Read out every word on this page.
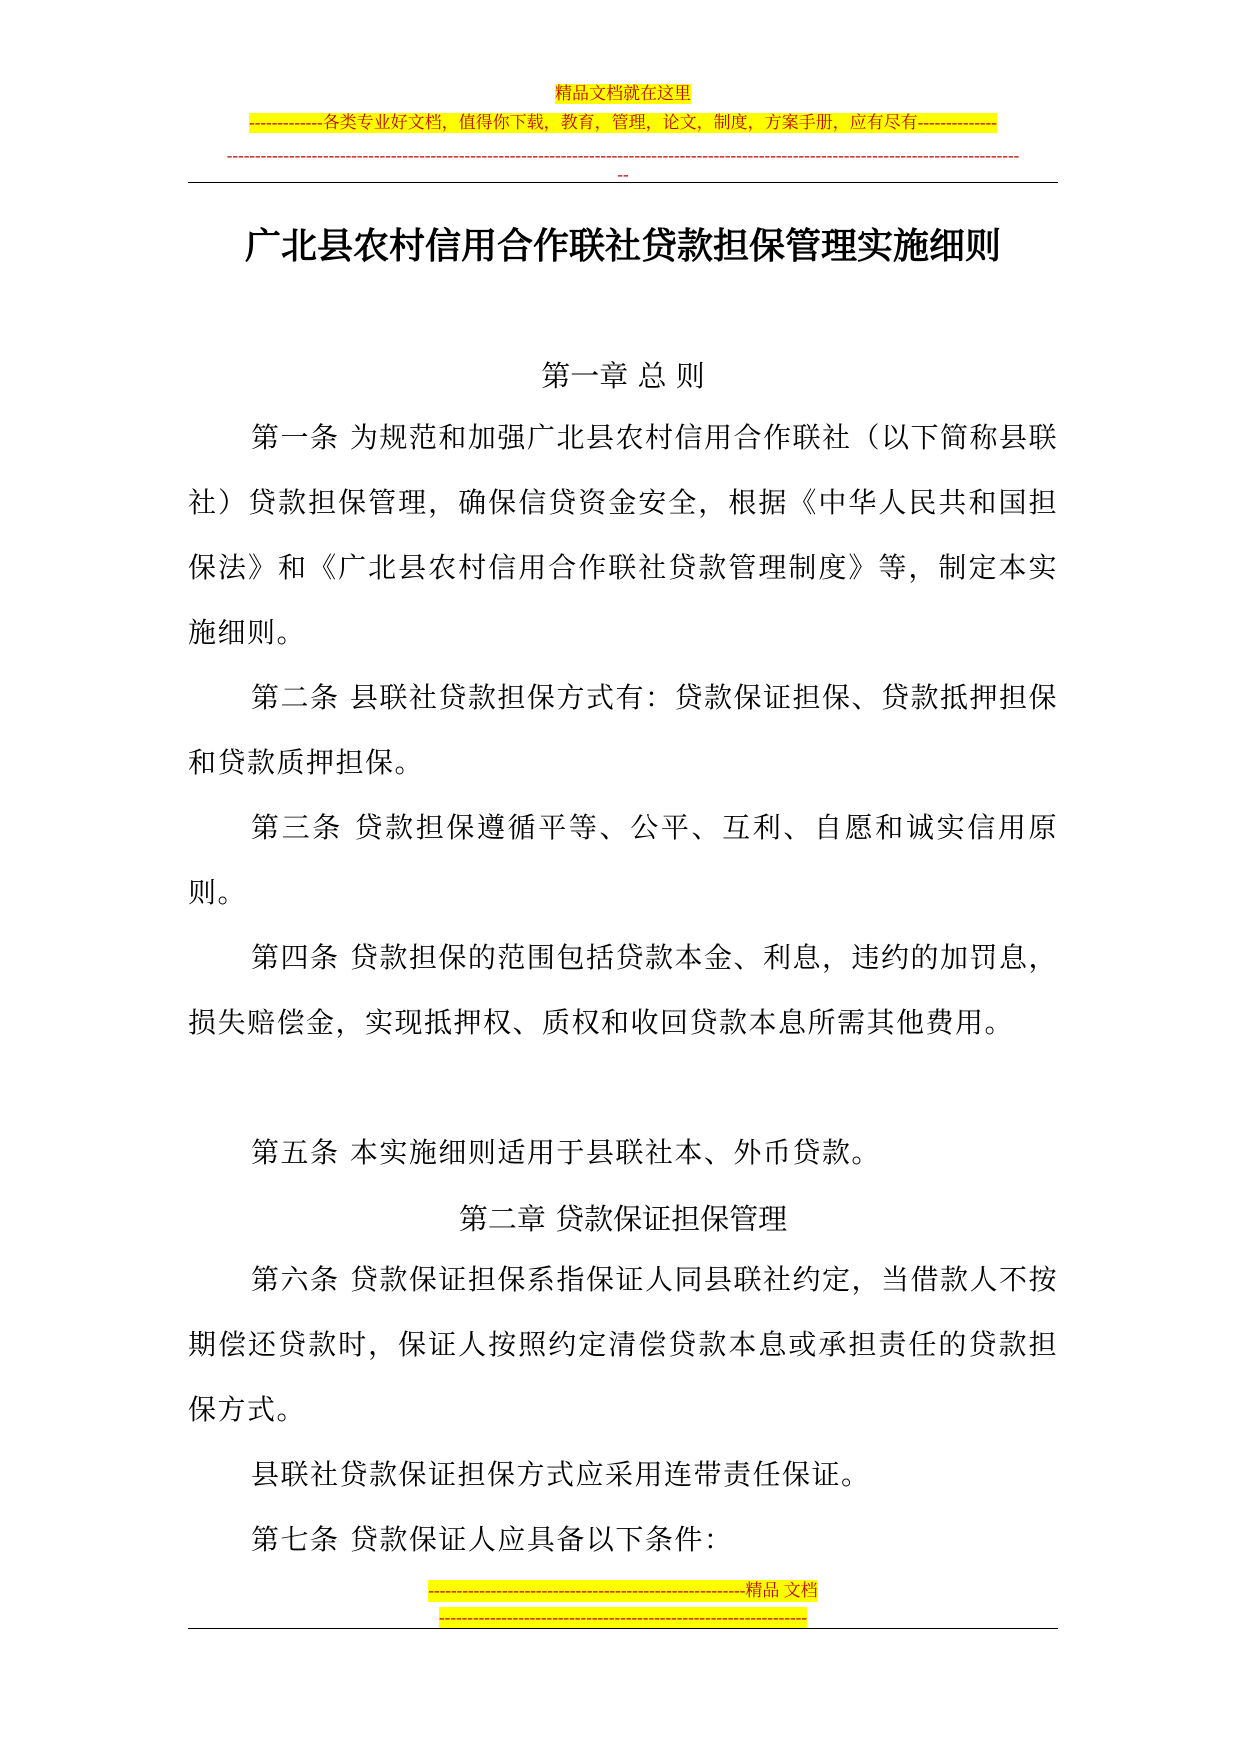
精品文档就在这里
-------------各类专业好文档，值得你下载，教育，管理，论文，制度，方案手册，应有尽有--------------
--------------------------------------------------------------------------------------------------------------------------------------------
--
广北县农村信用合作联社贷款担保管理实施细则
第一章 总 则
第一条 为规范和加强广北县农村信用合作联社（以下简称县联社）贷款担保管理，确保信贷资金安全，根据《中华人民共和国担保法》和《广北县农村信用合作联社贷款管理制度》等，制定本实施细则。
第二条 县联社贷款担保方式有：贷款保证担保、贷款抵押担保和贷款质押担保。
第三条 贷款担保遵循平等、公平、互利、自愿和诚实信用原则。
第四条 贷款担保的范围包括贷款本金、利息，违约的加罚息，损失赔偿金，实现抵押权、质权和收回贷款本息所需其他费用。
第五条 本实施细则适用于县联社本、外币贷款。
第二章 贷款保证担保管理
第六条 贷款保证担保系指保证人同县联社约定，当借款人不按期偿还贷款时，保证人按照约定清偿贷款本息或承担责任的贷款担保方式。
县联社贷款保证担保方式应采用连带责任保证。
第七条 贷款保证人应具备以下条件：
--------------------------------------------------------精品 文档
-----------------------------------------------------------------
